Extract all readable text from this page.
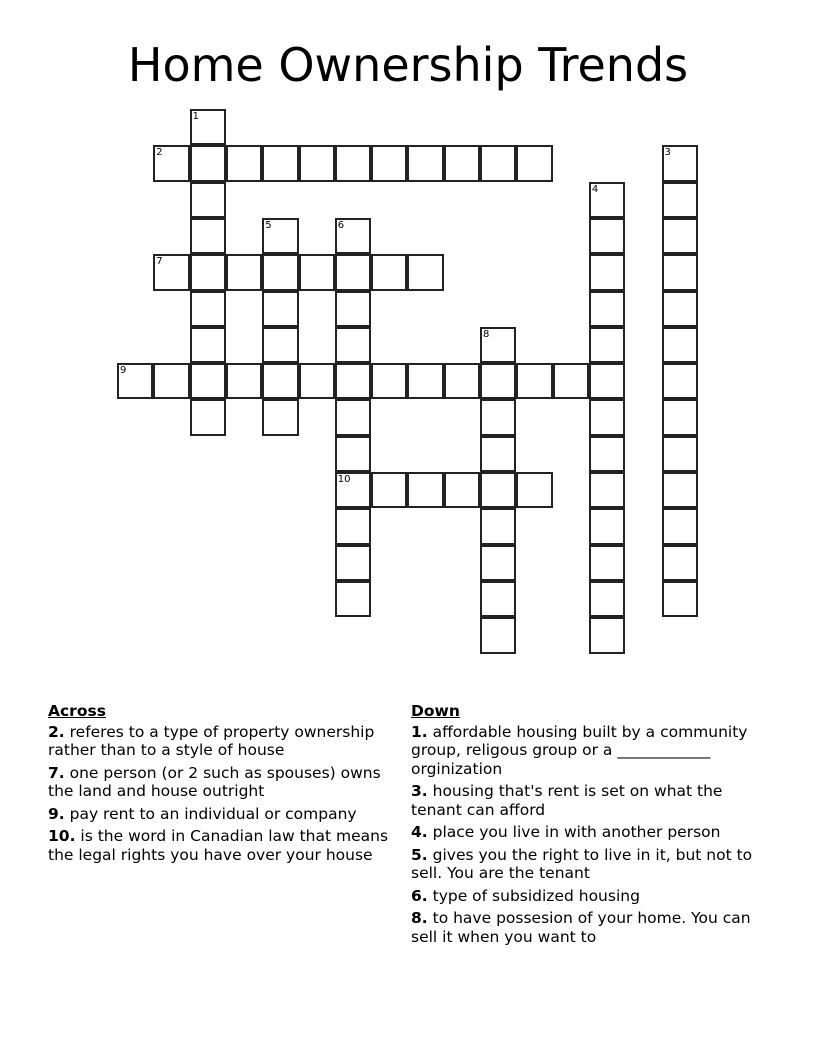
Home Ownership Trends
1
2	3
4
5	6
10
7
8
9
Across
2. referes to a type of property ownership rather than to a style of house
7. one person (or 2 such as spouses) owns the land and house outright
9. pay rent to an individual or company
10. is the word in Canadian law that means the legal rights you have over your house
Down
1. affordable housing built by a community group, religous group or a ____________ orginization
3. housing that's rent is set on what the tenant can afford
4. place you live in with another person
5. gives you the right to live in it, but not to sell. You are the tenant
6. type of subsidized housing
8. to have possesion of your home. You can sell it when you want to
